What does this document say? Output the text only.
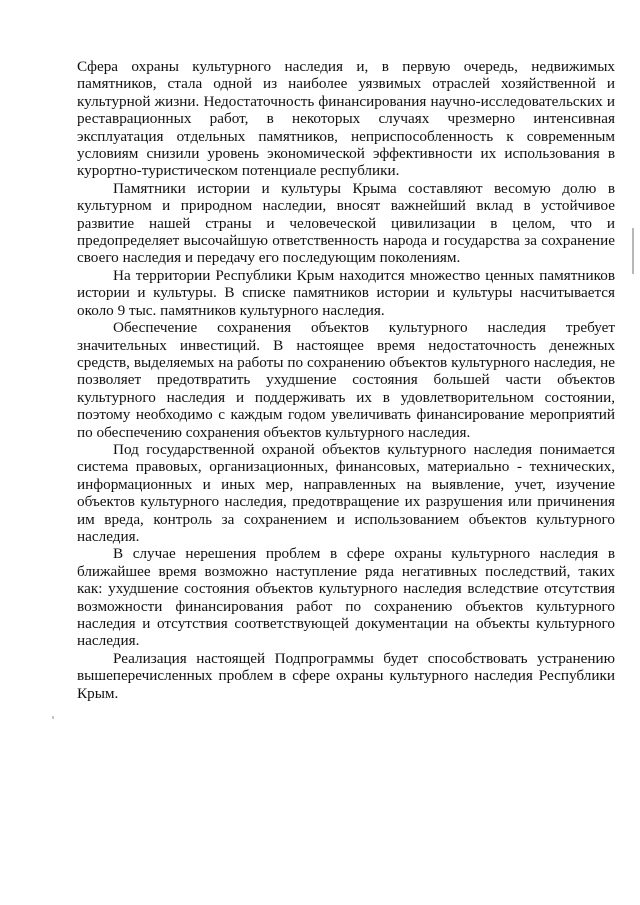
Сфера охраны культурного наследия и, в первую очередь, недвижимых памятников, стала одной из наиболее уязвимых отраслей хозяйственной и культурной жизни. Недостаточность финансирования научно-исследовательских и реставрационных работ, в некоторых случаях чрезмерно интенсивная эксплуатация отдельных памятников, неприспособленность к современным условиям снизили уровень экономической эффективности их использования в курортно-туристическом потенциале республики.

Памятники истории и культуры Крыма составляют весомую долю в культурном и природном наследии, вносят важнейший вклад в устойчивое развитие нашей страны и человеческой цивилизации в целом, что и предопределяет высочайшую ответственность народа и государства за сохранение своего наследия и передачу его последующим поколениям.

На территории Республики Крым находится множество ценных памятников истории и культуры. В списке памятников истории и культуры насчитывается около 9 тыс. памятников культурного наследия.

Обеспечение сохранения объектов культурного наследия требует значительных инвестиций. В настоящее время недостаточность денежных средств, выделяемых на работы по сохранению объектов культурного наследия, не позволяет предотвратить ухудшение состояния большей части объектов культурного наследия и поддерживать их в удовлетворительном состоянии, поэтому необходимо с каждым годом увеличивать финансирование мероприятий по обеспечению сохранения объектов культурного наследия.

Под государственной охраной объектов культурного наследия понимается система правовых, организационных, финансовых, материально - технических, информационных и иных мер, направленных на выявление, учет, изучение объектов культурного наследия, предотвращение их разрушения или причинения им вреда, контроль за сохранением и использованием объектов культурного наследия.

В случае нерешения проблем в сфере охраны культурного наследия в ближайшее время возможно наступление ряда негативных последствий, таких как: ухудшение состояния объектов культурного наследия вследствие отсутствия возможности финансирования работ по сохранению объектов культурного наследия и отсутствия соответствующей документации на объекты культурного наследия.

Реализация настоящей Подпрограммы будет способствовать устранению вышеперечисленных проблем в сфере охраны культурного наследия Республики Крым.
